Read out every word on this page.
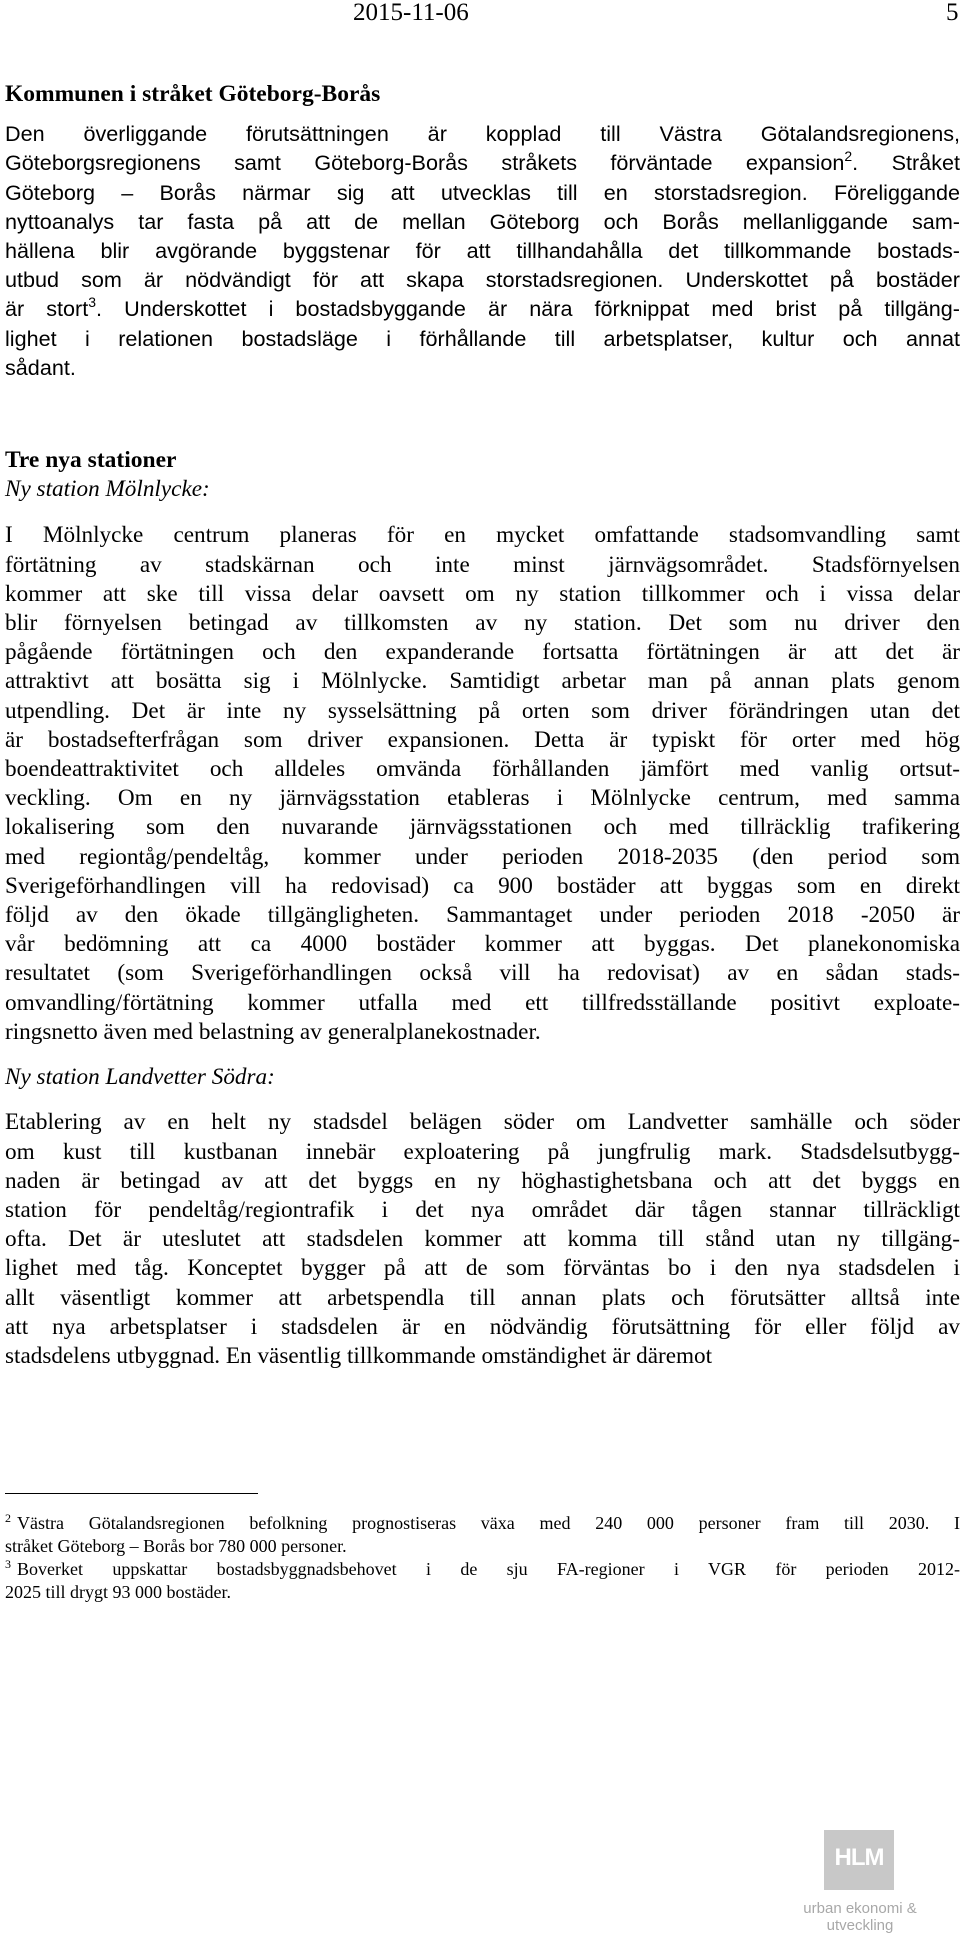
2015-11-06	5
Kommunen i stråket Göteborg-Borås
Den överliggande förutsättningen är kopplad till Västra Götalandsregionens,
Göteborgsregionens samt Göteborg-Borås stråkets förväntade expansion$^2$. Stråket
Göteborg – Borås närmar sig att utvecklas till en storstadsregion. Föreliggande
nyttoanalys tar fasta på att de mellan Göteborg och Borås mellanliggande sam-
hällena blir avgörande byggstenar för att tillhandahålla det tillkommande bostads-
utbud som är nödvändigt för att skapa storstadsregionen. Underskottet på bostäder
är stort$^3$. Underskottet i bostadsbyggande är nära förknippat med brist på tillgäng-
lighet i relationen bostadsläge i förhållande till arbetsplatser, kultur och annat
sådant.
Tre nya stationer
Ny station Mölnlycke:
I Mölnlycke centrum planeras för en mycket omfattande stadsomvandling samt
förtätning av stadskärnan och inte minst järnvägsområdet. Stadsförnyelsen
kommer att ske till vissa delar oavsett om ny station tillkommer och i vissa delar
blir förnyelsen betingad av tillkomsten av ny station. Det som nu driver den
pågående förtätningen och den expanderande fortsatta förtätningen är att det är
attraktivt att bosätta sig i Mölnlycke. Samtidigt arbetar man på annan plats genom
utpendling. Det är inte ny sysselsättning på orten som driver förändringen utan det
är bostadsefterfrågan som driver expansionen. Detta är typiskt för orter med hög
boendeattraktivitet och alldeles omvända förhållanden jämfört med vanlig ortsut-
veckling. Om en ny järnvägsstation etableras i Mölnlycke centrum, med samma
lokalisering som den nuvarande järnvägsstationen och med tillräcklig trafikering
med regiontåg/pendeltåg, kommer under perioden 2018-2035 (den period som
Sverigeförhandlingen vill ha redovisad) ca 900 bostäder att byggas som en direkt
följd av den ökade tillgängligheten. Sammantaget under perioden 2018 -2050 är
vår bedömning att ca 4000 bostäder kommer att byggas. Det planekonomiska
resultatet (som Sverigeförhandlingen också vill ha redovisat) av en sådan stads-
omvandling/förtätning kommer utfalla med ett tillfredsställande positivt exploate-
ringsnetto även med belastning av generalplanekostnader.
Ny station Landvetter Södra:
Etablering av en helt ny stadsdel belägen söder om Landvetter samhälle och söder
om kust till kustbanan innebär exploatering på jungfrulig mark. Stadsdelsutbygg-
naden är betingad av att det byggs en ny höghastighetsbana och att det byggs en
station för pendeltåg/regiontrafik i det nya området där tågen stannar tillräckligt
ofta. Det är uteslutet att stadsdelen kommer att komma till stånd utan ny tillgäng-
lighet med tåg. Konceptet bygger på att de som förväntas bo i den nya stadsdelen i
allt väsentligt kommer att arbetspendla till annan plats och förutsätter alltså inte
att nya arbetsplatser i stadsdelen är en nödvändig förutsättning för eller följd av
stadsdelens utbyggnad. En väsentlig tillkommande omständighet är däremot
$^2$ Västra Götalandsregionen befolkning prognostiseras växa med 240 000 personer fram till 2030. I
stråket Göteborg – Borås bor 780 000 personer.
$^3$ Boverket uppskattar bostadsbyggnadsbehovet i de sju FA-regioner i VGR för perioden 2012-
2025 till drygt 93 000 bostäder.
HLM
urban ekonomi & utveckling
